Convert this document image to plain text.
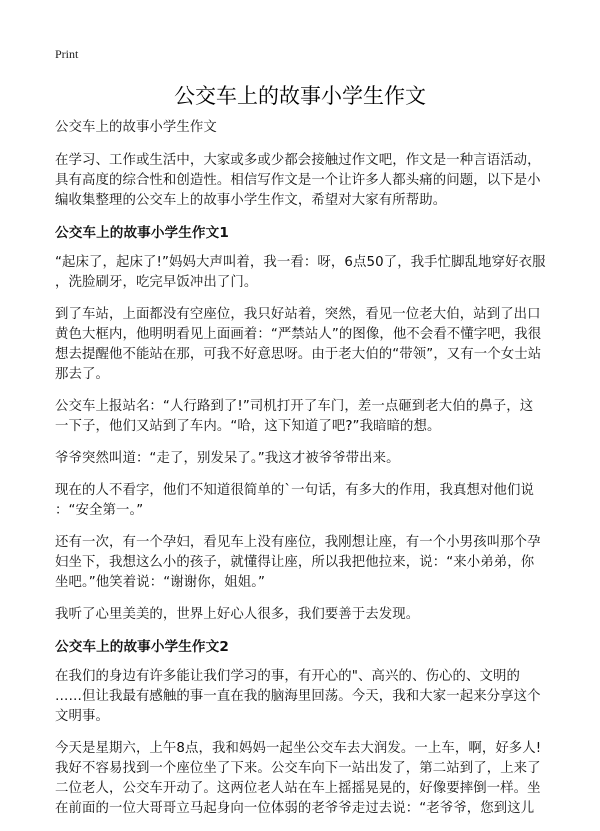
Print
公交车上的故事小学生作文

公交车上的故事小学生作文

在学习、工作或生活中，大家或多或少都会接触过作文吧，作文是一种言语活动，
具有高度的综合性和创造性。相信写作文是一个让许多人都头痛的问题，以下是小
编收集整理的公交车上的故事小学生作文，希望对大家有所帮助。

公交车上的故事小学生作文1

“起床了，起床了!”妈妈大声叫着，我一看：呀，6点50了，我手忙脚乱地穿好衣服
，洗脸刷牙，吃完早饭冲出了门。

到了车站，上面都没有空座位，我只好站着，突然，看见一位老大伯，站到了出口
黄色大框内，他明明看见上面画着：“严禁站人”的图像，他不会看不懂字吧，我很
想去提醒他不能站在那，可我不好意思呀。由于老大伯的“带领”，又有一个女士站
那去了。

公交车上报站名：“人行路到了!”司机打开了车门，差一点砸到老大伯的鼻子，这
一下子，他们又站到了车内。“哈，这下知道了吧?”我暗暗的想。

爷爷突然叫道：“走了，别发呆了。”我这才被爷爷带出来。

现在的人不看字，他们不知道很简单的`一句话，有多大的作用，我真想对他们说
：“安全第一。”

还有一次，有一个孕妇，看见车上没有座位，我刚想让座，有一个小男孩叫那个孕
妇坐下，我想这么小的孩子，就懂得让座，所以我把他拉来，说：“来小弟弟，你
坐吧。”他笑着说：“谢谢你，姐姐。”

我听了心里美美的，世界上好心人很多，我们要善于去发现。

公交车上的故事小学生作文2

在我们的身边有许多能让我们学习的事，有开心的"、高兴的、伤心的、文明的
……但让我最有感触的事一直在我的脑海里回荡。今天，我和大家一起来分享这个
文明事。

今天是星期六，上午8点，我和妈妈一起坐公交车去大润发。一上车，啊，好多人!
我好不容易找到一个座位坐了下来。公交车向下一站出发了，第二站到了，上来了
二位老人，公交车开动了。这两位老人站在车上摇摇晃晃的，好像要摔倒一样。坐
在前面的一位大哥哥立马起身向一位体弱的老爷爷走过去说：“老爷爷，您到这儿
